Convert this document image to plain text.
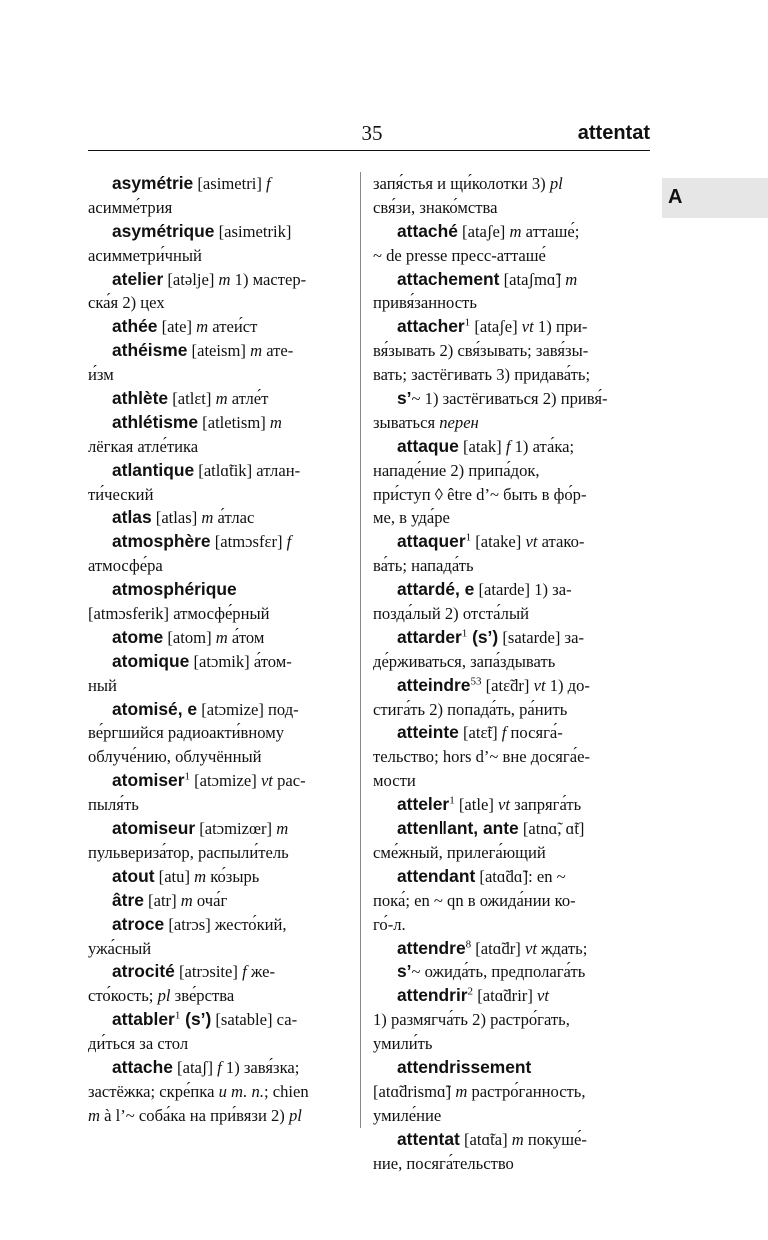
35	attentat
A
asymétrie [asimetri] f
асимме́трия
asymétrique [asimetrik]
асимметри́чный
atelier [atəlje] m 1) мастер-
ска́я 2) цех
athée [ate] m атеи́ст
athéisme [ateism] m ате-
и́зм
athlète [atlɛt] m атле́т
athlétisme [atletism] m
лёгкая атле́тика
atlantique [atlɑ̃tik] атлан-
ти́ческий
atlas [atlas] m а́тлас
atmosphère [atmɔsfɛr] f
атмосфе́ра
atmosphérique
[atmɔsferik] атмосфе́рный
atome [atom] m а́том
atomique [atɔmik] а́том-
ный
atomisé, e [atɔmize] под-
ве́ргшийся радиоакти́вному
облуче́нию, облучённый
atomiser$^1$ [atɔmize] vt рас-
пыля́ть
atomiseur [atɔmizœr] m
пульвериза́тор, распыли́тель
atout [atu] m ко́зырь
âtre [atr] m оча́г
atroce [atrɔs] жесто́кий,
ужа́сный
atrocité [atrɔsite] f же-
сто́кость; pl зве́рства
attabler$^1$ (s’) [satable] са-
ди́ться за стол
attache [ataʃ] f 1) завя́зка;
застёжка; скре́пка и т. п.; chien
m à l’~ соба́ка на при́вязи 2) pl
запя́стья и щи́колотки 3) pl
свя́зи, знако́мства
attaché [ataʃe] m атташе́;
~ de presse пресс-атташе́
attachement [ataʃmɑ̃] m
привя́занность
attacher$^1$ [ataʃe] vt 1) при-
вя́зывать 2) свя́зывать; завя́зы-
вать; застёгивать 3) придава́ть;
s’~ 1) застёгиваться 2) привя́-
зываться перен
attaque [atak] f 1) ата́ка;
нападе́ние 2) припа́док,
при́ступ ◊ être d’~ быть в фо́р-
ме, в уда́ре
attaquer$^1$ [atake] vt атако-
ва́ть; напада́ть
attardé, e [atarde] 1) за-
позда́лый 2) отста́лый
attarder$^1$ (s’) [satarde] за-
де́рживаться, запа́здывать
atteindre$^{53}$ [atɛ̃dr] vt 1) до-
стига́ть 2) попада́ть, ра́нить
atteinte [atɛ̃t] f посяга́-
тельство; hors d’~ вне досяга́е-
мости
atteler$^1$ [atle] vt запряга́ть
atten‖ant, ante [atnɑ̃, ɑ̃t]
сме́жный, прилега́ющий
attendant [atɑ̃dɑ̃]: en ~
пока́; en ~ qn в ожида́нии ко-
го́-л.
attendre$^8$ [atɑ̃dr] vt ждать;
s’~ ожида́ть, предполага́ть
attendrir$^2$ [atɑ̃drir] vt
1) размягча́ть 2) растро́гать,
умили́ть
attendrissement
[atɑ̃drismɑ̃] m растро́ганность,
умиле́ние
attentat [atɑ̃ta] m покуше́-
ние, посяга́тельство
